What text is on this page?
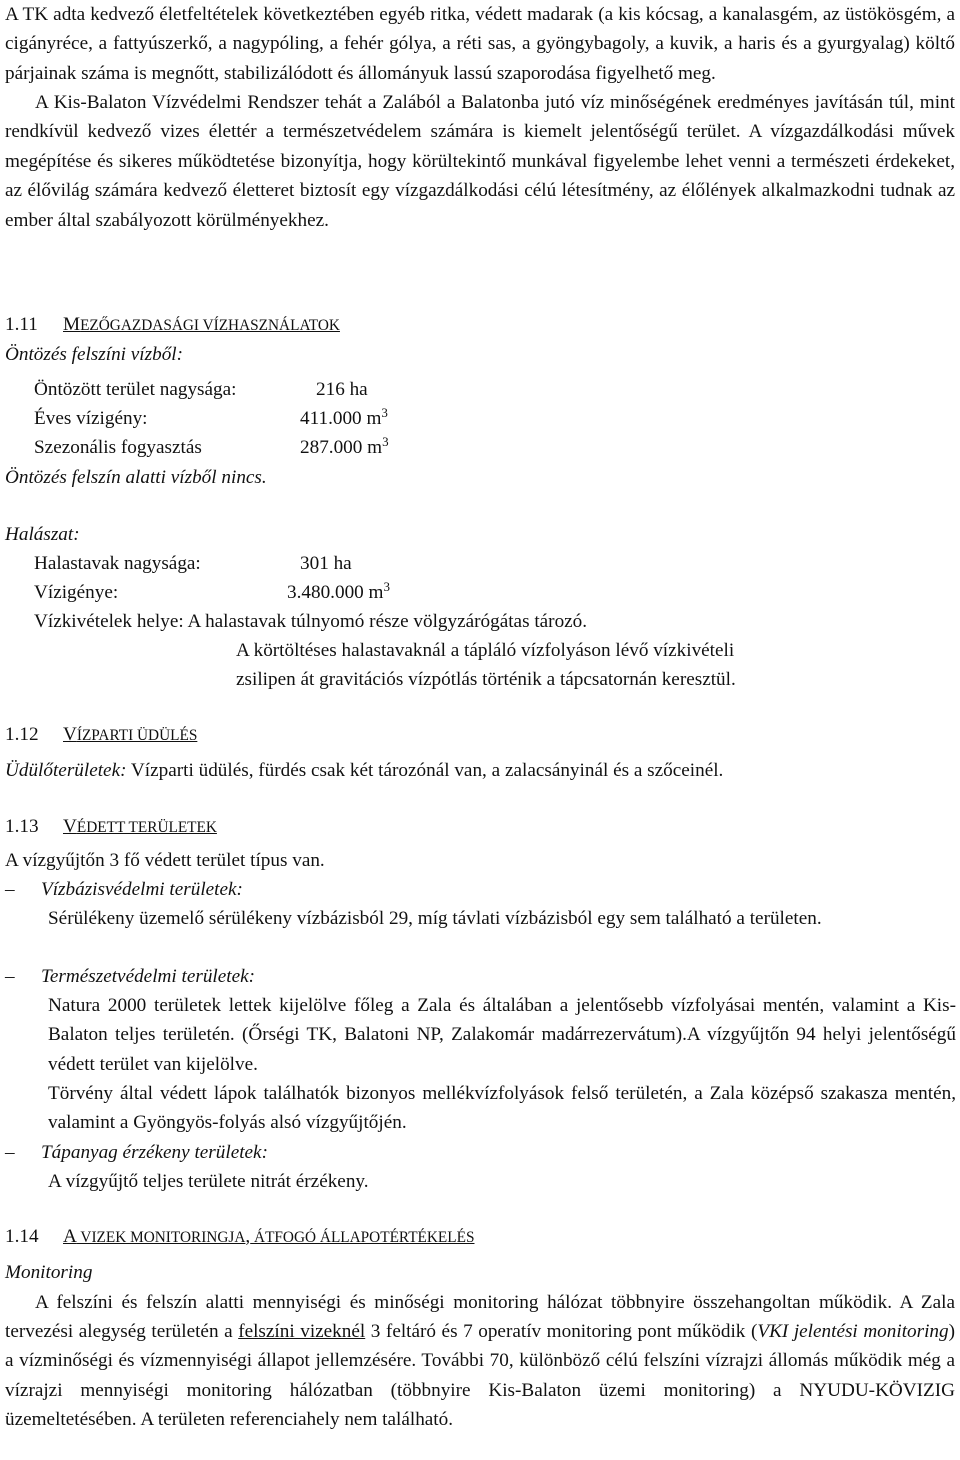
A TK adta kedvező életfeltételek következtében egyéb ritka, védett madarak (a kis kócsag, a kanalasgém, az üstökösgém, a cigányréce, a fattyúszerkő, a nagypóling, a fehér gólya, a réti sas, a gyöngybagoly, a kuvik, a haris és a gyurgyalag) költő párjainak száma is megnőtt, stabilizálódott és állományuk lassú szaporodása figyelhető meg.
A Kis-Balaton Vízvédelmi Rendszer tehát a Zalából a Balatonba jutó víz minőségének eredményes javításán túl, mint rendkívül kedvező vizes élettér a természetvédelem számára is kiemelt jelentőségű terület. A vízgazdálkodási művek megépítése és sikeres működtetése bizonyítja, hogy körültekintő munkával figyelembe lehet venni a természeti érdekeket, az élővilág számára kedvező életteret biztosít egy vízgazdálkodási célú létesítmény, az élőlények alkalmazkodni tudnak az ember által szabályozott körülményekhez.
1.11 MEZŐGAZDASÁGI VÍZHASZNÁLATOK
Öntözés felszíni vízből:
Öntözött terület nagysága:	216 ha
Éves vízigény:	411.000 $m^3$
Szezonális fogyasztás	287.000 $m^3$
Öntözés felszín alatti vízből nincs.
Halászat:
Halastavak nagysága:	301 ha
Vízigénye:	3.480.000 $m^3$
Vízkivételek helye: A halastavak túlnyomó része völgyzárógátas tározó.
A körtöltéses halastavaknál a tápláló vízfolyáson lévő vízkivételi
zsilipen át gravitációs vízpótlás történik a tápcsatornán keresztül.
1.12 VÍZPARTI ÜDÜLÉS
Üdülőterületek: Vízparti üdülés, fürdés csak két tározónál van, a zalacsányinál és a szőceinél.
1.13 VÉDETT TERÜLETEK
A vízgyűjtőn 3 fő védett terület típus van.
– Vízbázisvédelmi területek:
Sérülékeny üzemelő sérülékeny vízbázisból 29, míg távlati vízbázisból egy sem található a területen.
– Természetvédelmi területek:
Natura 2000 területek lettek kijelölve főleg a Zala és általában a jelentősebb vízfolyásai mentén, valamint a Kis-Balaton teljes területén. (Őrségi TK, Balatoni NP, Zalakomár madárrezervátum).A vízgyűjtőn 94 helyi jelentőségű védett terület van kijelölve.
Törvény által védett lápok találhatók bizonyos mellékvízfolyások felső területén, a Zala középső szakasza mentén, valamint a Gyöngyös-folyás alsó vízgyűjtőjén.
– Tápanyag érzékeny területek:
A vízgyűjtő teljes területe nitrát érzékeny.
1.14 A VIZEK MONITORINGJA, ÁTFOGÓ ÁLLAPOTÉRTÉKELÉS
Monitoring
A felszíni és felszín alatti mennyiségi és minőségi monitoring hálózat többnyire összehangoltan működik. A Zala tervezési alegység területén a felszíni vizeknél 3 feltáró és 7 operatív monitoring pont működik (VKI jelentési monitoring) a vízminőségi és vízmennyiségi állapot jellemzésére. További 70, különböző célú felszíni vízrajzi állomás működik még a vízrajzi mennyiségi monitoring hálózatban (többnyire Kis-Balaton üzemi monitoring) a NYUDU-KÖVIZIG üzemeltetésében. A területen referenciahely nem található.
